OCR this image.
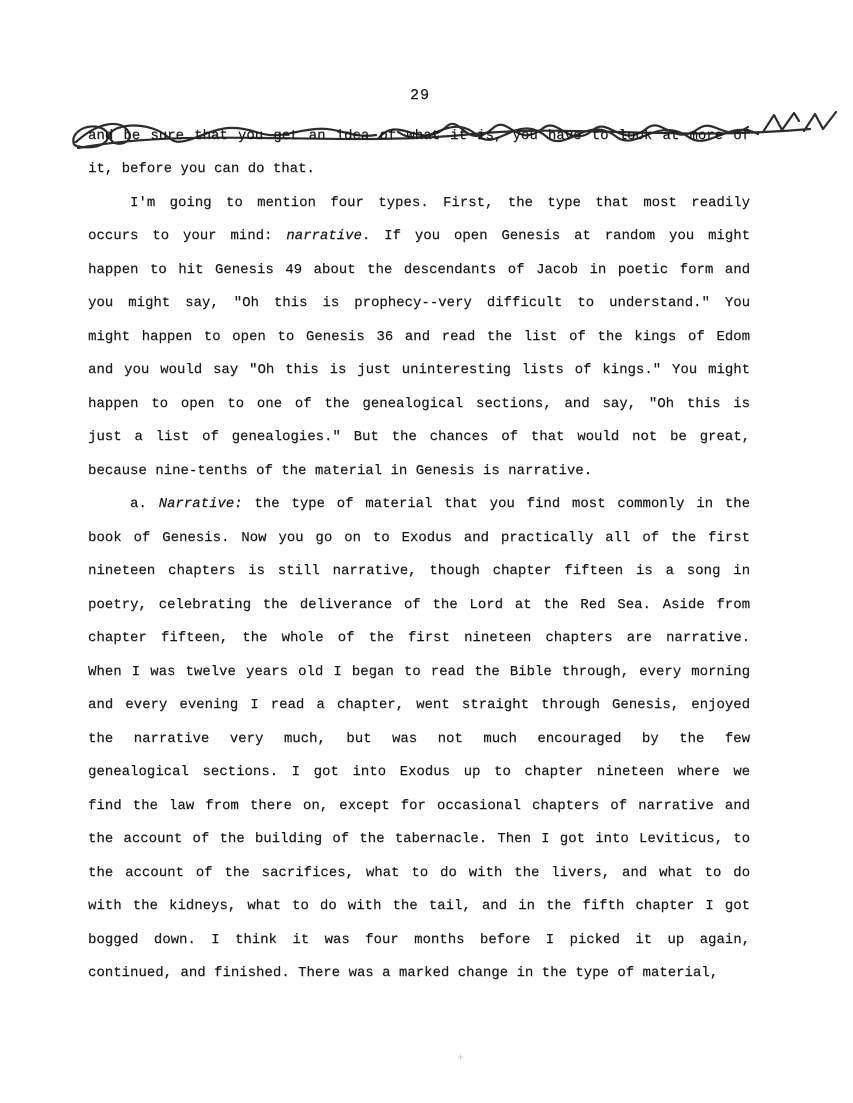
29
and be sure that you get an idea of what it is, you have to look at more of
it, before you can do that.
I'm going to mention four types. First, the type that most readily
occurs to your mind: narrative. If you open Genesis at random you might
happen to hit Genesis 49 about the descendants of Jacob in poetic form and
you might say, "Oh this is prophecy--very difficult to understand." You
might happen to open to Genesis 36 and read the list of the kings of Edom
and you would say "Oh this is just uninteresting lists of kings." You might
happen to open to one of the genealogical sections, and say, "Oh this is
just a list of genealogies." But the chances of that would not be great,
because nine-tenths of the material in Genesis is narrative.
a. Narrative: the type of material that you find most commonly in the
book of Genesis. Now you go on to Exodus and practically all of the first
nineteen chapters is still narrative, though chapter fifteen is a song in
poetry, celebrating the deliverance of the Lord at the Red Sea. Aside from
chapter fifteen, the whole of the first nineteen chapters are narrative.
When I was twelve years old I began to read the Bible through, every morning
and every evening I read a chapter, went straight through Genesis, enjoyed
the narrative very much, but was not much encouraged by the few
genealogical sections. I got into Exodus up to chapter nineteen where we
find the law from there on, except for occasional chapters of narrative and
the account of the building of the tabernacle. Then I got into Leviticus, to
the account of the sacrifices, what to do with the livers, and what to do
with the kidneys, what to do with the tail, and in the fifth chapter I got
bogged down. I think it was four months before I picked it up again,
continued, and finished. There was a marked change in the type of material,
+
